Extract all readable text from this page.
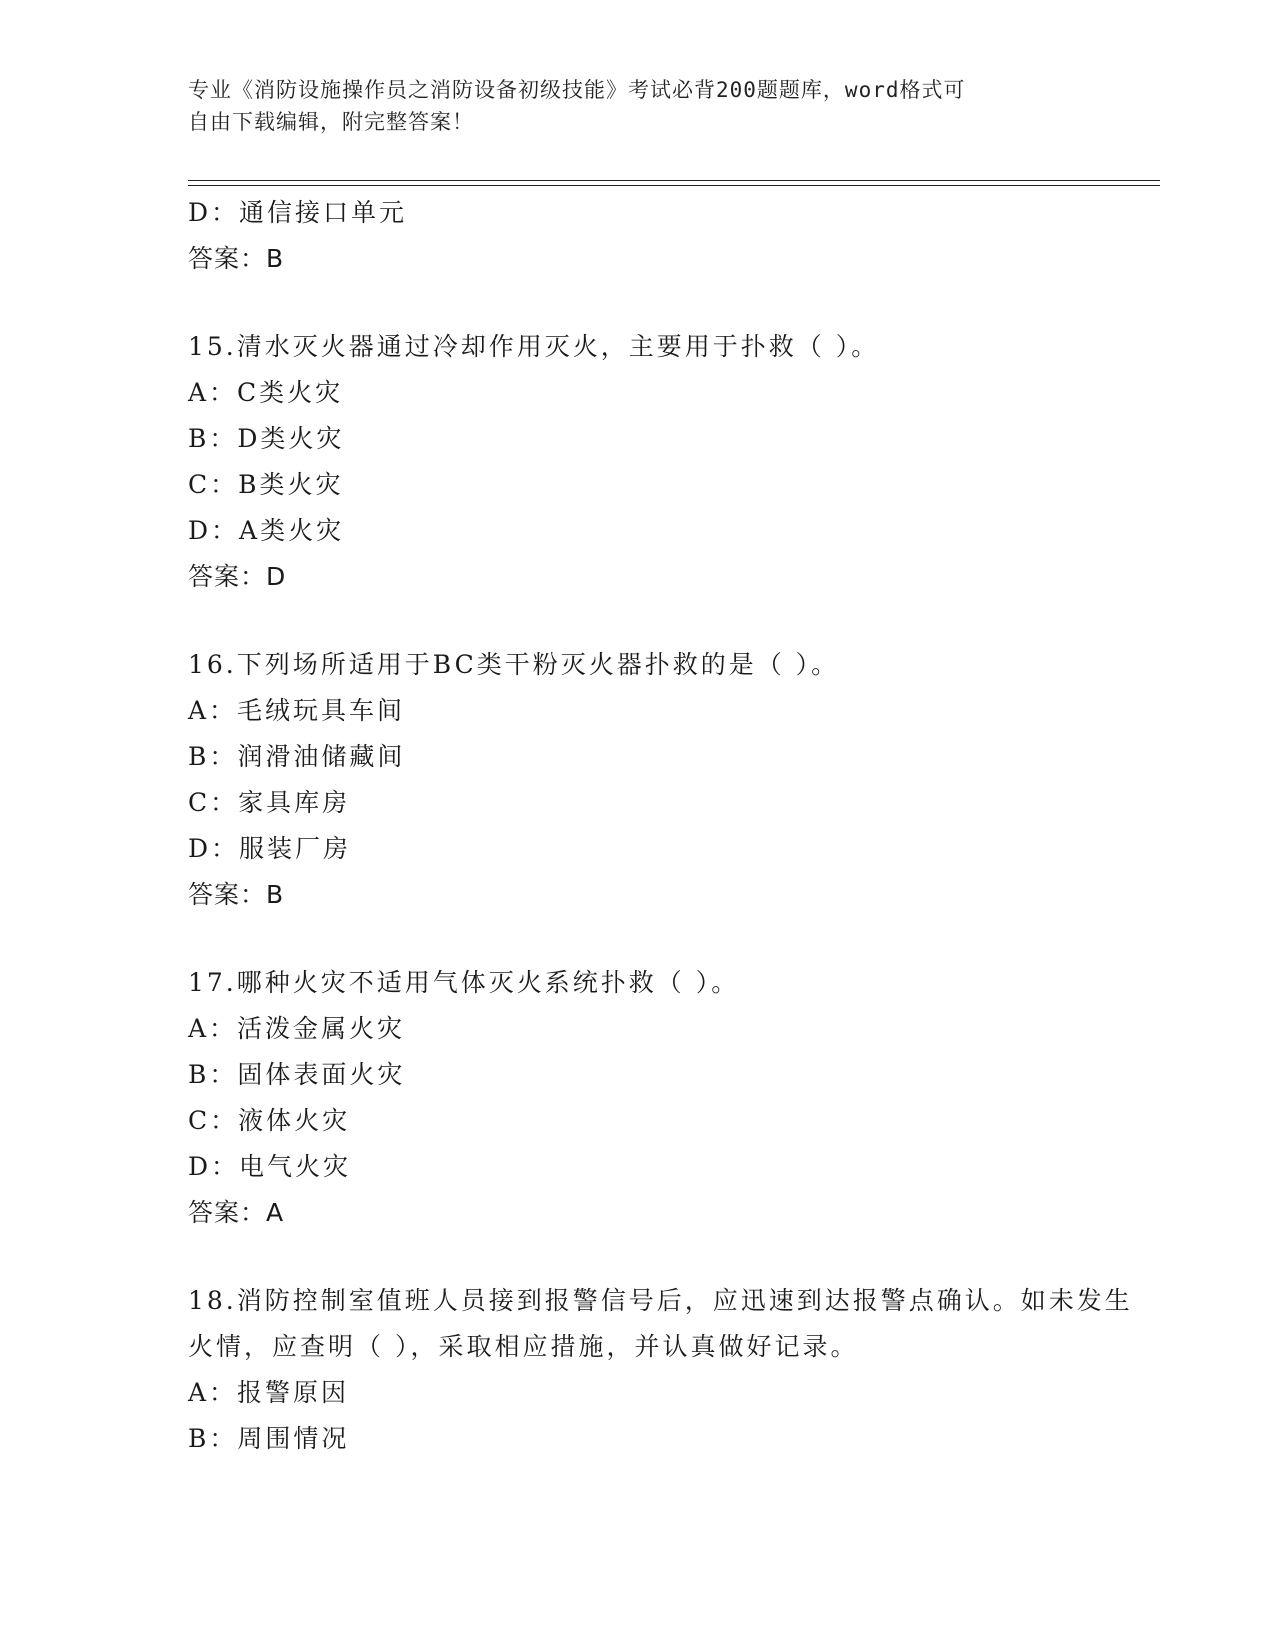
专业《消防设施操作员之消防设备初级技能》考试必背200题题库，word格式可
自由下载编辑，附完整答案！
D：通信接口单元
答案：B
15.清水灭火器通过冷却作用灭火，主要用于扑救（ ）。
A：C类火灾
B：D类火灾
C：B类火灾
D：A类火灾
答案：D
16.下列场所适用于BC类干粉灭火器扑救的是（ ）。
A：毛绒玩具车间
B：润滑油储藏间
C：家具库房
D：服装厂房
答案：B
17.哪种火灾不适用气体灭火系统扑救（ ）。
A：活泼金属火灾
B：固体表面火灾
C：液体火灾
D：电气火灾
答案：A
18.消防控制室值班人员接到报警信号后，应迅速到达报警点确认。如未发生火情，应查明（ ），采取相应措施，并认真做好记录。
A：报警原因
B：周围情况
